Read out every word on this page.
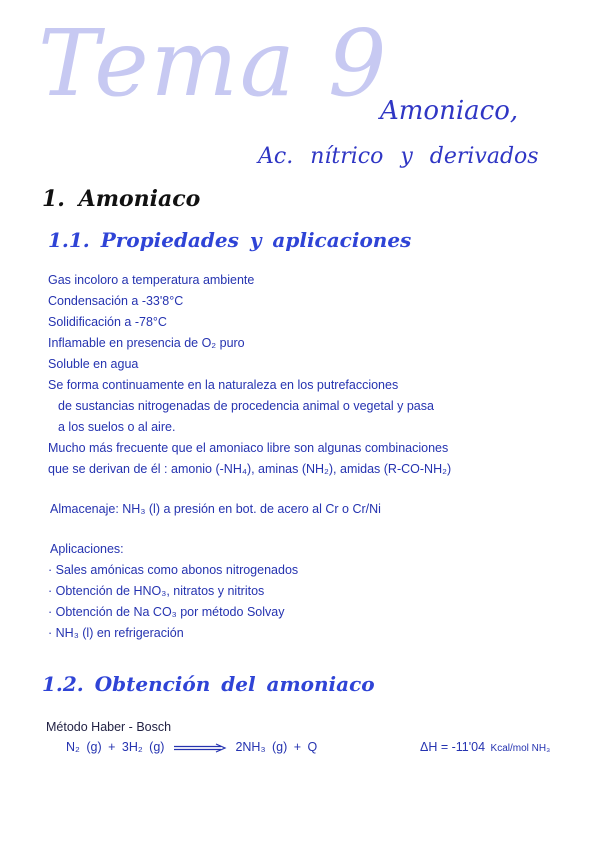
Tema 9
Amoniaco,
Ac. nítrico y derivados
1. Amoniaco
1.1. Propiedades y aplicaciones
Gas incoloro a temperatura ambiente
Condensación a -33'8°C
Solidificación a -78°C
Inflamable en presencia de O₂ puro
Soluble en agua
Se forma continuamente en la naturaleza en los putrefacciones
de sustancias nitrogenadas de procedencia animal o vegetal y pasa
a los suelos o al aire.
Mucho más frecuente que el amoniaco libre son algunas combinaciones
que se derivan de él : amonio (-NH₄), aminas (NH₂), amidas (R-CO-NH₂)
Almacenaje: NH₃ (l) a presión en bot. de acero al Cr o Cr/Ni
Aplicaciones:
· Sales amónicas como abonos nitrogenados
· Obtención de HNO₃, nitratos y nitritos
· Obtención de Na CO₃ por método Solvay
· NH₃ (l) en refrigeración
1.2. Obtención del amoniaco
Método Haber - Bosch
N₂ (g) + 3H₂ (g)	2NH₃ (g) + Q	ΔH = -11'04 Kcal/mol NH₃
